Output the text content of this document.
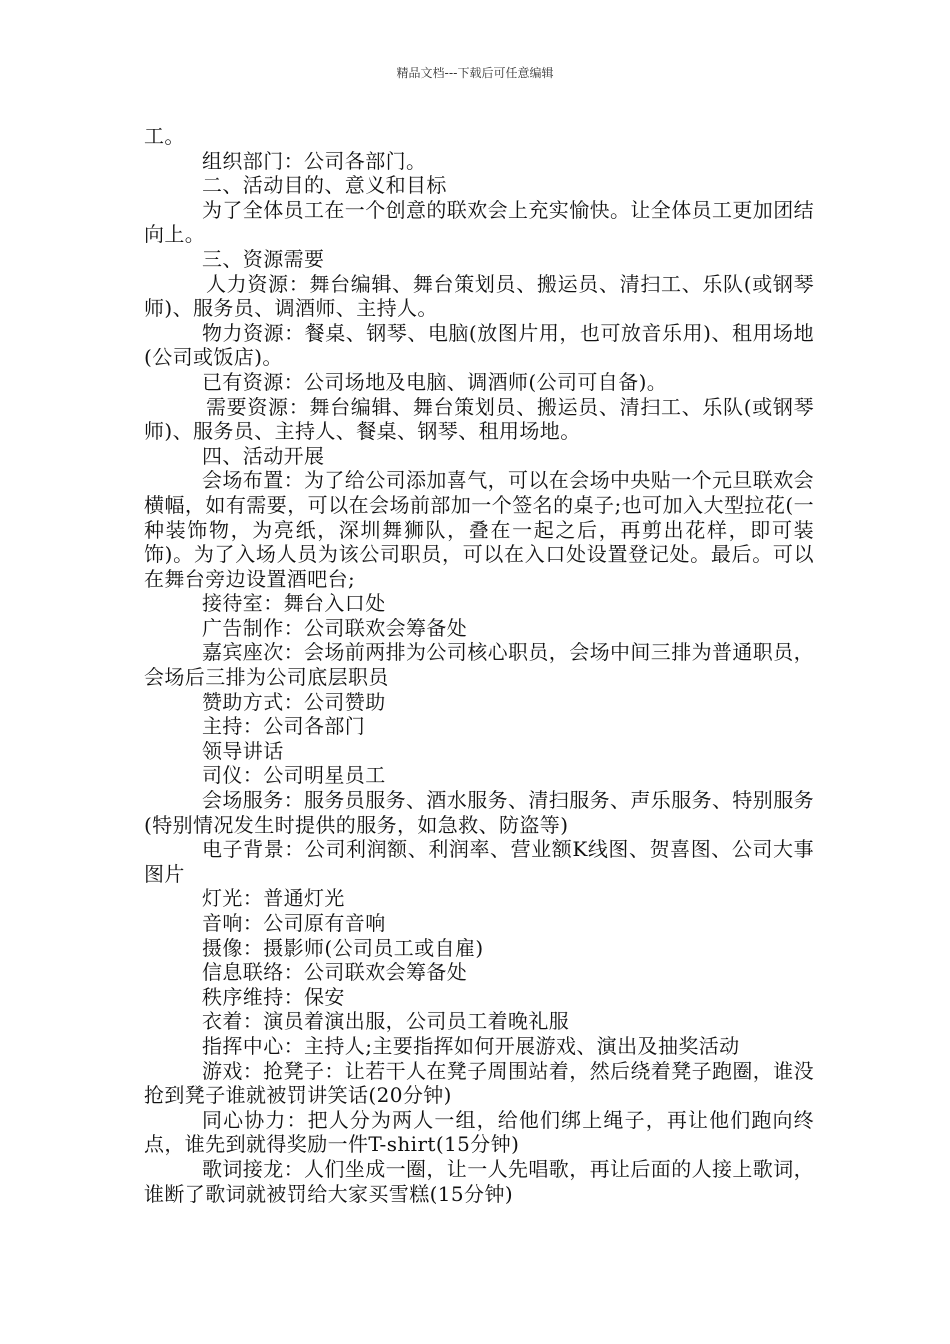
精品文档---下载后可任意编辑

工。

组织部门：公司各部门。

二、活动目的、意义和目标

为了全体员工在一个创意的联欢会上充实愉快。让全体员工更加团结向上。

三、资源需要

人力资源：舞台编辑、舞台策划员、搬运员、清扫工、乐队(或钢琴师)、服务员、调酒师、主持人。

物力资源：餐桌、钢琴、电脑(放图片用，也可放音乐用)、租用场地(公司或饭店)。

已有资源：公司场地及电脑、调酒师(公司可自备)。

需要资源：舞台编辑、舞台策划员、搬运员、清扫工、乐队(或钢琴师)、服务员、主持人、餐桌、钢琴、租用场地。

四、活动开展

会场布置：为了给公司添加喜气，可以在会场中央贴一个元旦联欢会横幅，如有需要，可以在会场前部加一个签名的桌子;也可加入大型拉花(一种装饰物，为亮纸，深圳舞狮队，叠在一起之后，再剪出花样，即可装饰)。为了入场人员为该公司职员，可以在入口处设置登记处。最后。可以在舞台旁边设置酒吧台;

接待室：舞台入口处

广告制作：公司联欢会筹备处

嘉宾座次：会场前两排为公司核心职员，会场中间三排为普通职员，会场后三排为公司底层职员

赞助方式：公司赞助

主持：公司各部门

领导讲话

司仪：公司明星员工

会场服务：服务员服务、酒水服务、清扫服务、声乐服务、特别服务(特别情况发生时提供的服务，如急救、防盗等)

电子背景：公司利润额、利润率、营业额K线图、贺喜图、公司大事图片

灯光：普通灯光

音响：公司原有音响

摄像：摄影师(公司员工或自雇)

信息联络：公司联欢会筹备处

秩序维持：保安

衣着：演员着演出服，公司员工着晚礼服

指挥中心：主持人;主要指挥如何开展游戏、演出及抽奖活动

游戏：抢凳子：让若干人在凳子周围站着，然后绕着凳子跑圈，谁没抢到凳子谁就被罚讲笑话(20分钟)

同心协力：把人分为两人一组，给他们绑上绳子，再让他们跑向终点，谁先到就得奖励一件T-shirt(15分钟)

歌词接龙：人们坐成一圈，让一人先唱歌，再让后面的人接上歌词，谁断了歌词就被罚给大家买雪糕(15分钟)
